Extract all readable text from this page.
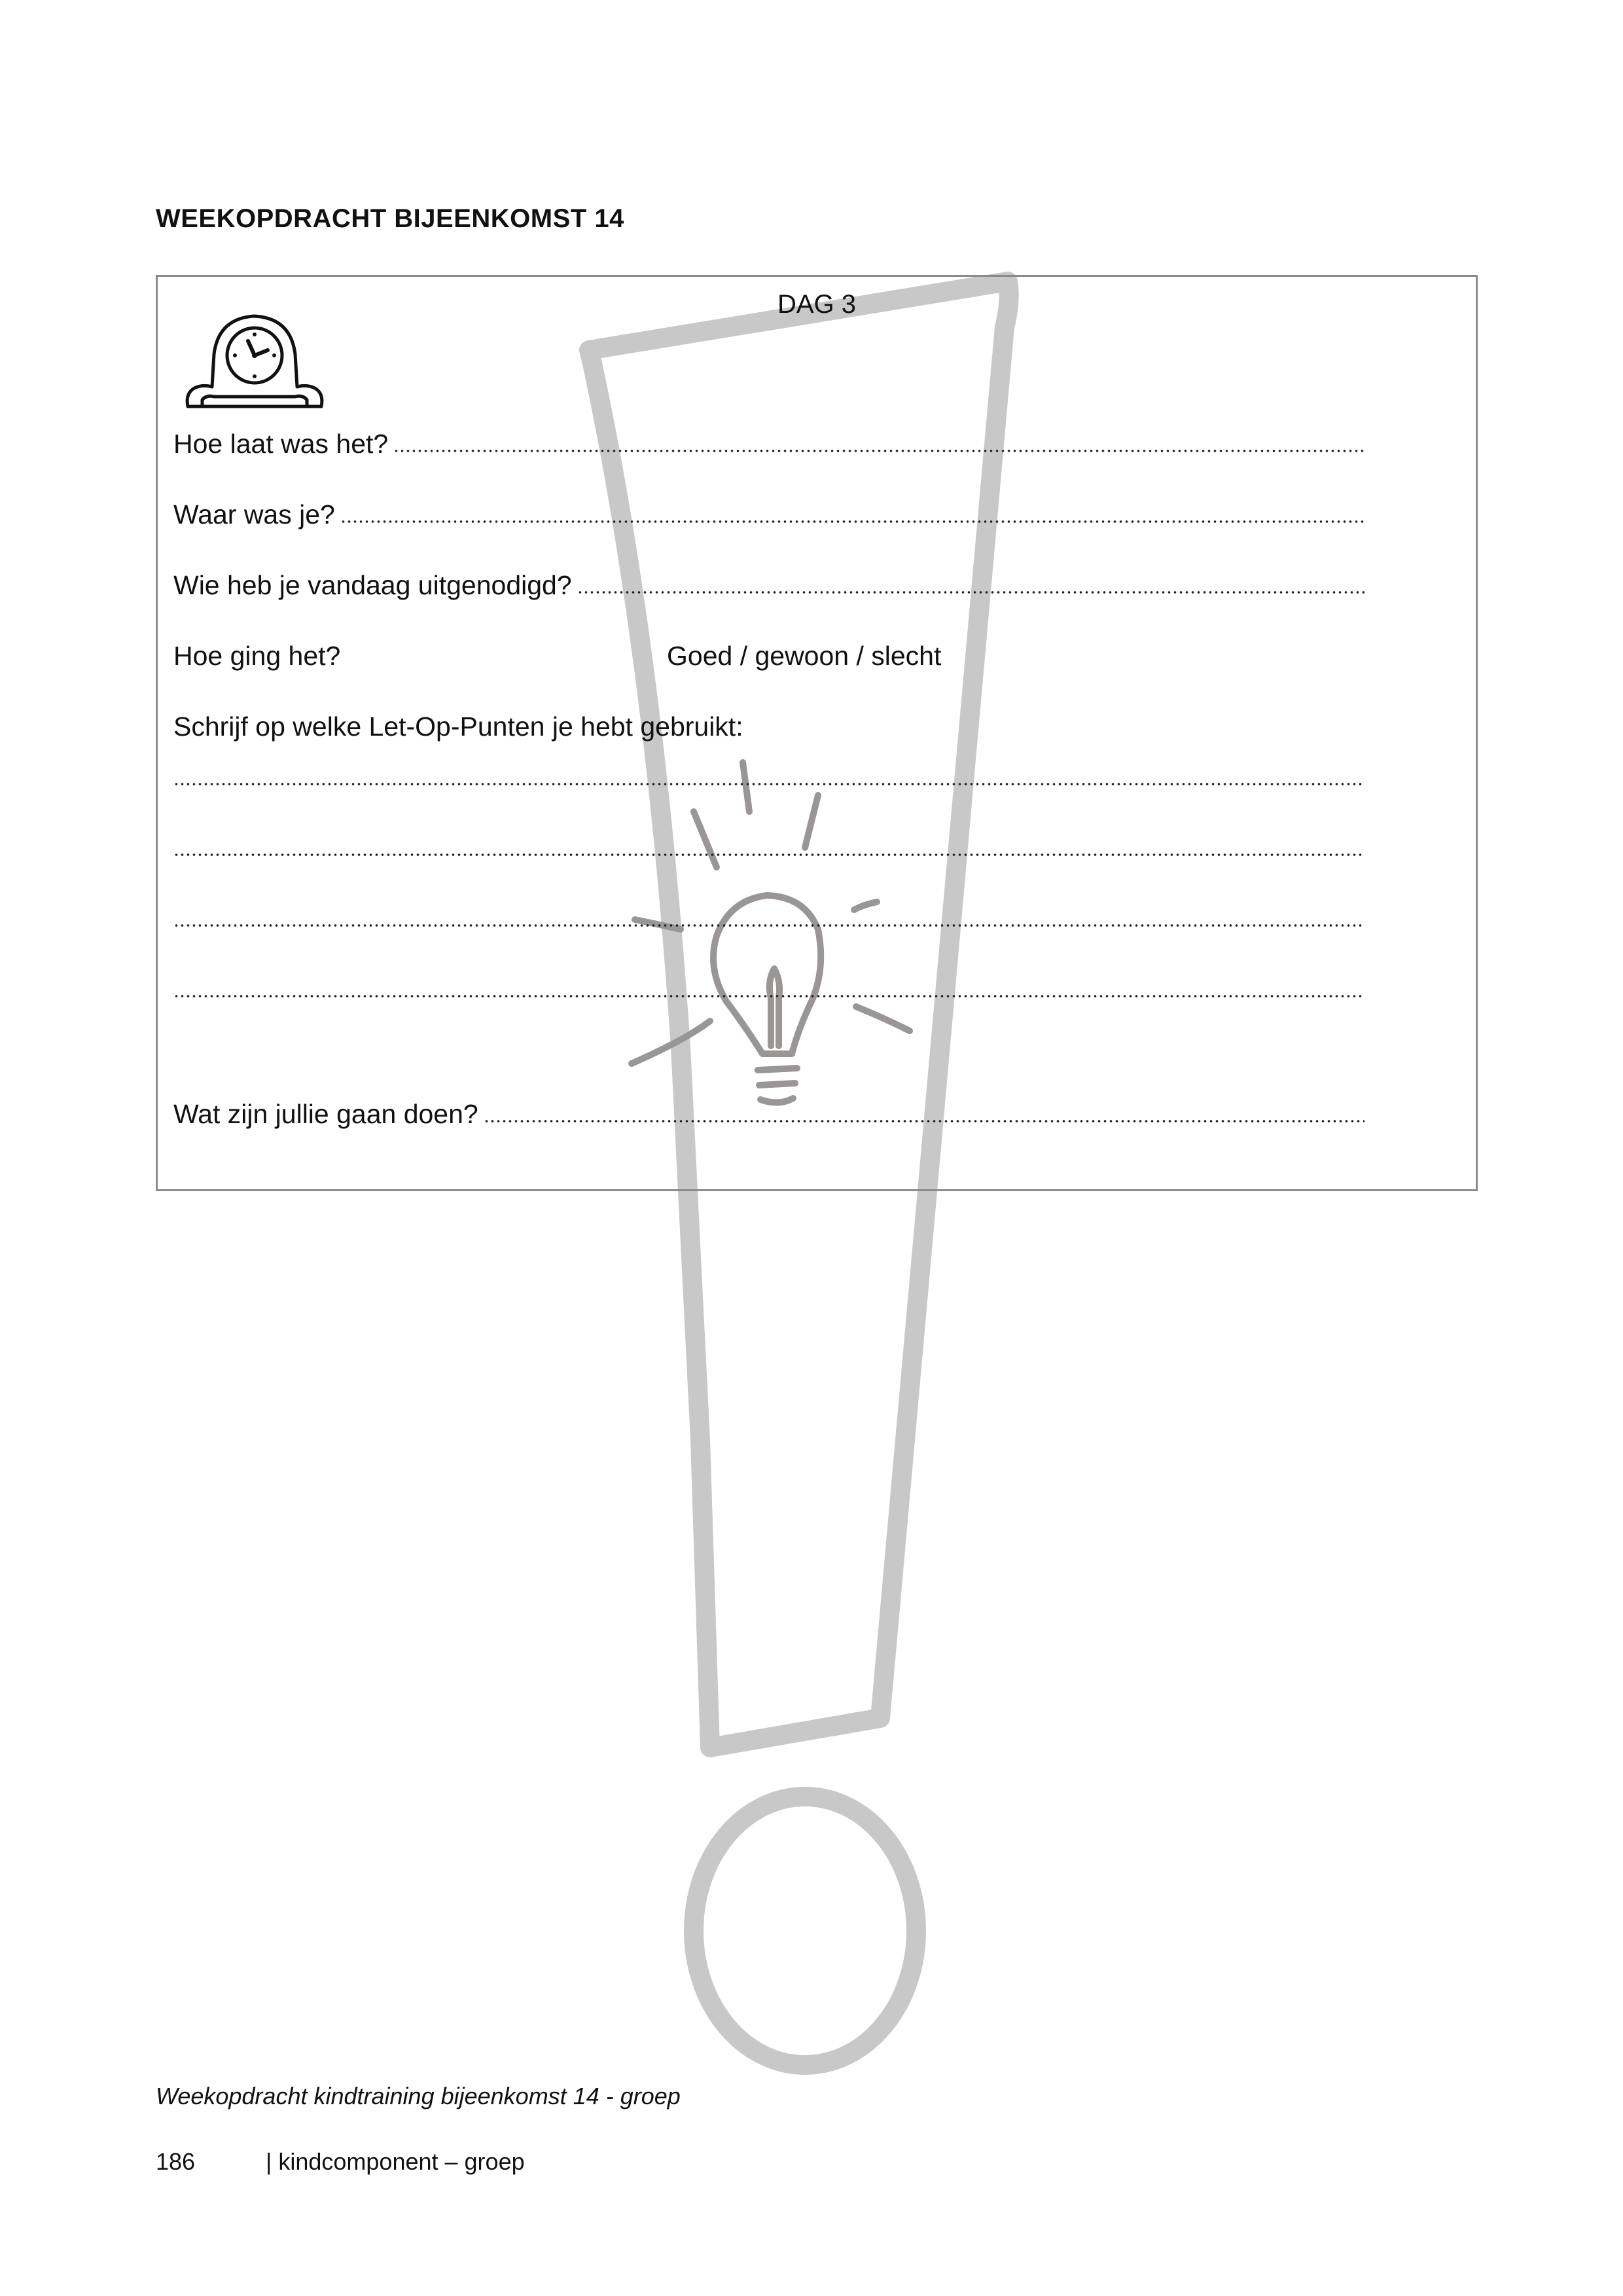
WEEKOPDRACHT BIJEENKOMST 14
DAG 3
Hoe laat was het?
Waar was je?
Wie heb je vandaag uitgenodigd?
Hoe ging het?	Goed / gewoon / slecht
Schrijf op welke Let-Op-Punten je hebt gebruikt:
Wat zijn jullie gaan doen?

Weekopdracht kindtraining bijeenkomst 14 - groep

186	| kindcomponent – groep
